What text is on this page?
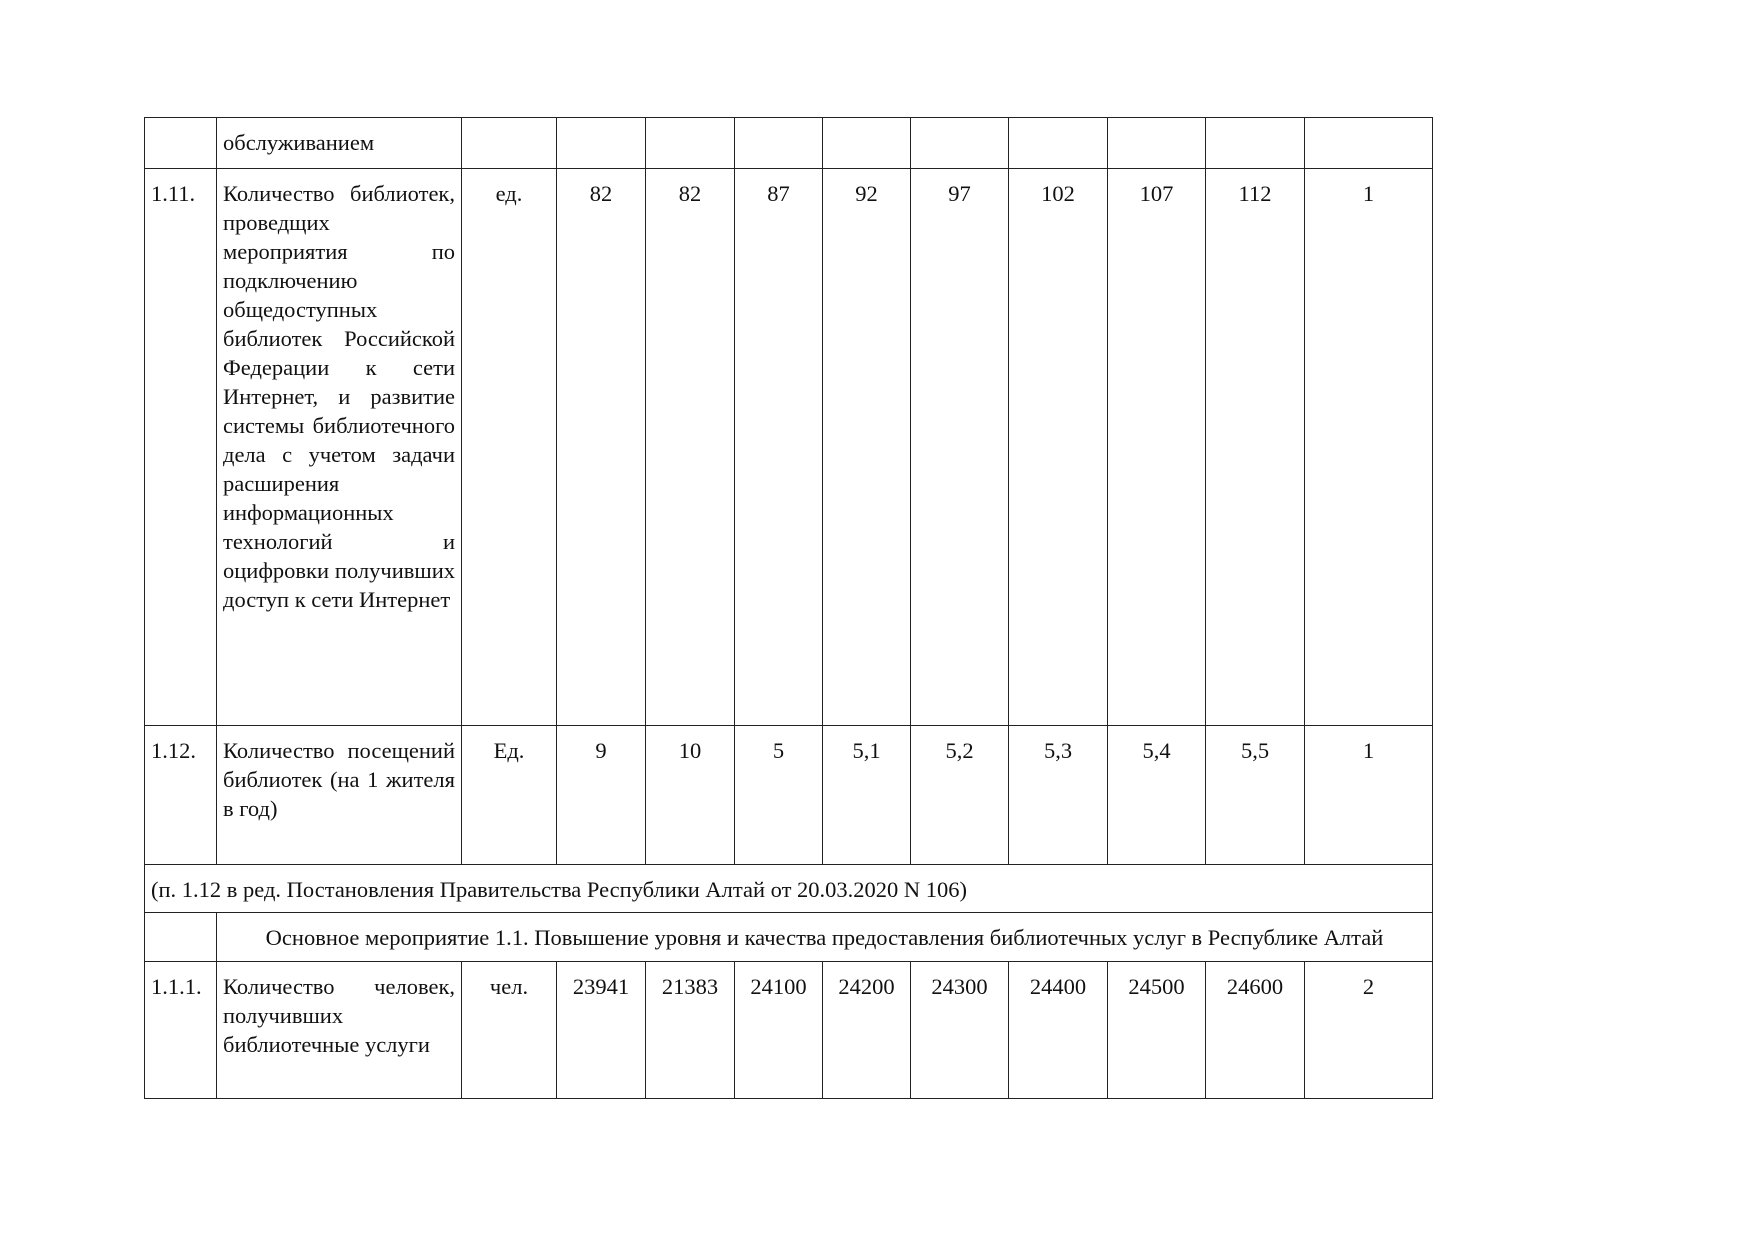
	обслуживанием										
1.11.	Количество библиотек, проведщих мероприятия по подключению общедоступных библиотек Российской Федерации к сети Интернет, и развитие системы библиотечного дела с учетом задачи расширения информационных технологий и оцифровки получивших доступ к сети Интернет	ед.	82	82	87	92	97	102	107	112	1
1.12.	Количество посещений библиотек (на 1 жителя в год)	Ед.	9	10	5	5,1	5,2	5,3	5,4	5,5	1
(п. 1.12 в ред. Постановления Правительства Республики Алтай от 20.03.2020 N 106)											
	Основное мероприятие 1.1. Повышение уровня и качества предоставления библиотечных услуг в Республике Алтай										
1.1.1.	Количество человек, получивших библиотечные услуги	чел.	23941	21383	24100	24200	24300	24400	24500	24600	2
